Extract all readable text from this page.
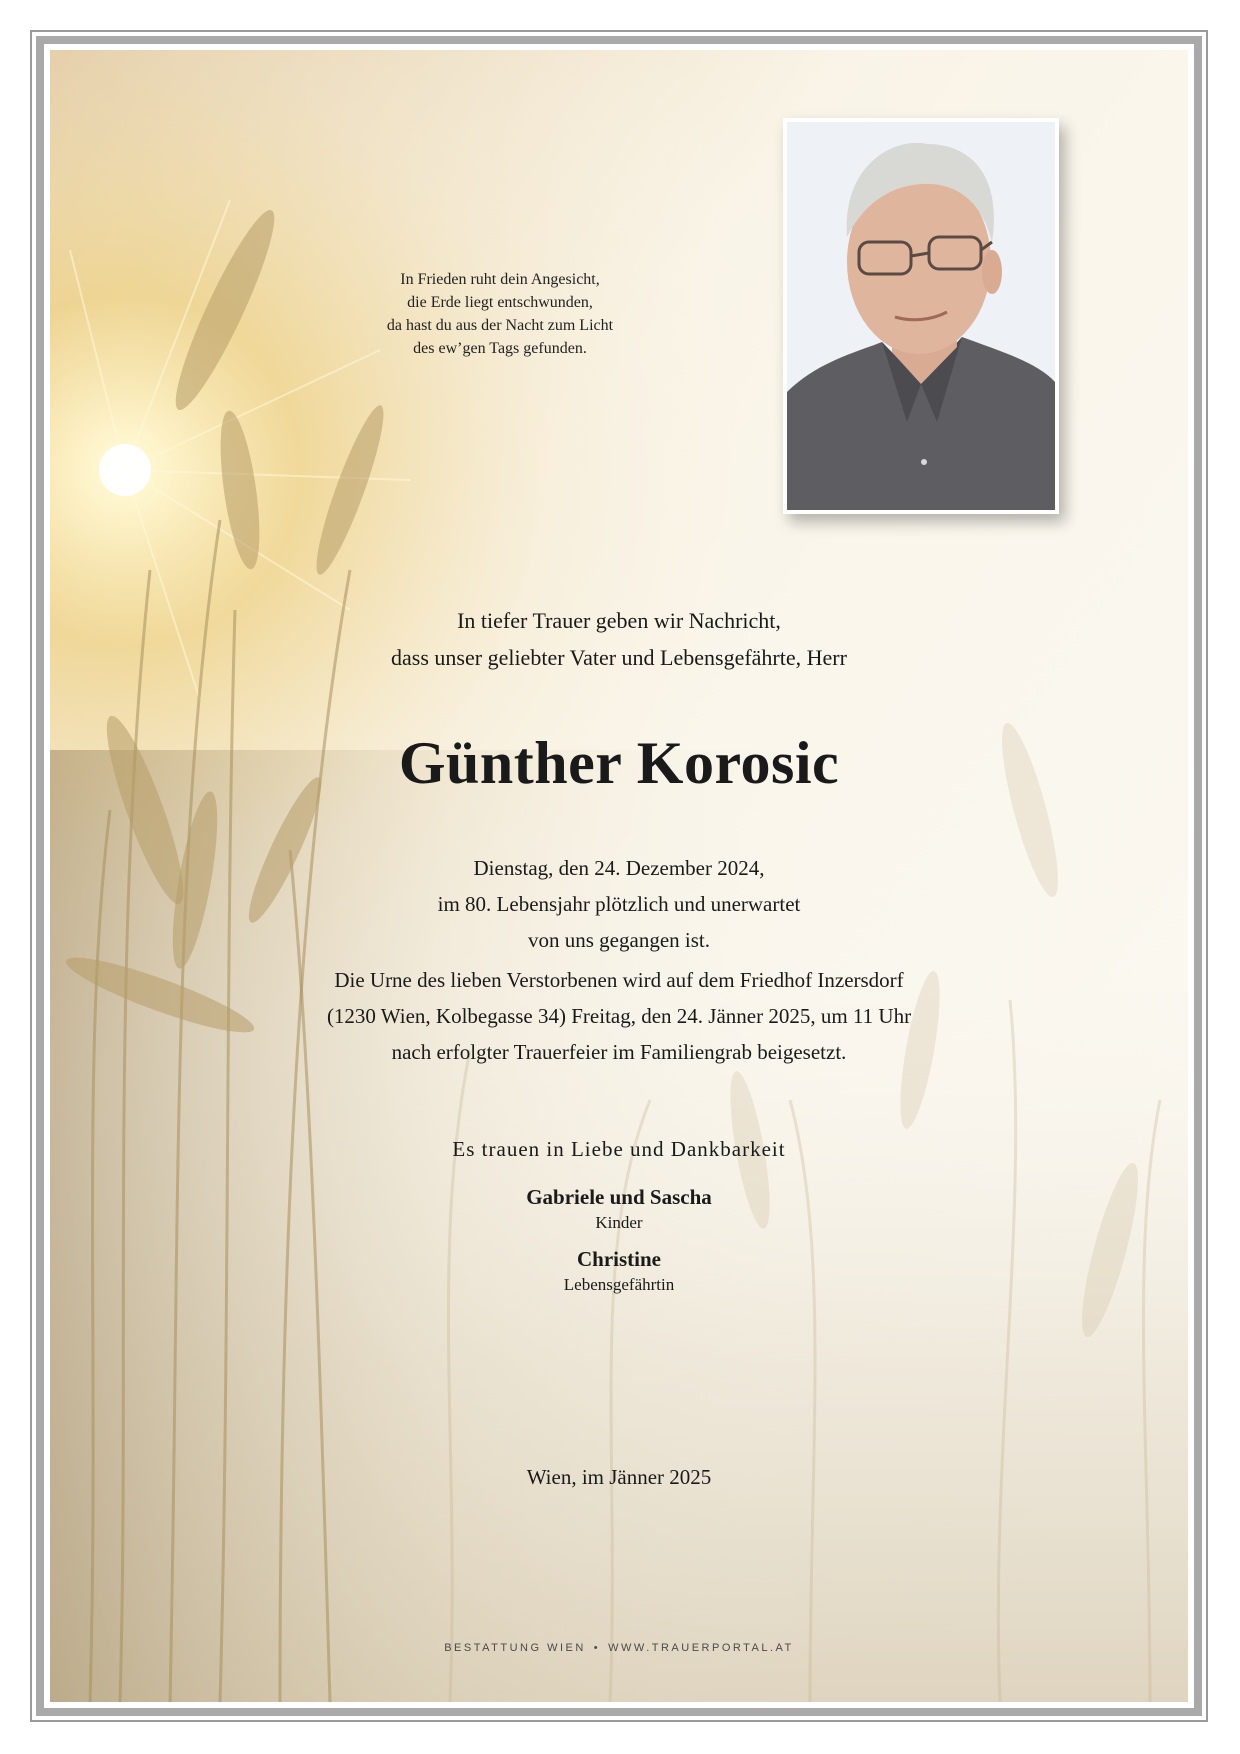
In Frieden ruht dein Angesicht,
die Erde liegt entschwunden,
da hast du aus der Nacht zum Licht
des ew’gen Tags gefunden.
In tiefer Trauer geben wir Nachricht,
dass unser geliebter Vater und Lebensgefährte, Herr
Günther Korosic
Dienstag, den 24. Dezember 2024,
im 80. Lebensjahr plötzlich und unerwartet
von uns gegangen ist.
Die Urne des lieben Verstorbenen wird auf dem Friedhof Inzersdorf
(1230 Wien, Kolbegasse 34) Freitag, den 24. Jänner 2025, um 11 Uhr
nach erfolgter Trauerfeier im Familiengrab beigesetzt.
Es trauen in Liebe und Dankbarkeit
Gabriele und Sascha
Kinder
Christine
Lebensgefährtin
Wien, im Jänner 2025
BESTATTUNG WIEN • WWW.TRAUERPORTAL.AT
